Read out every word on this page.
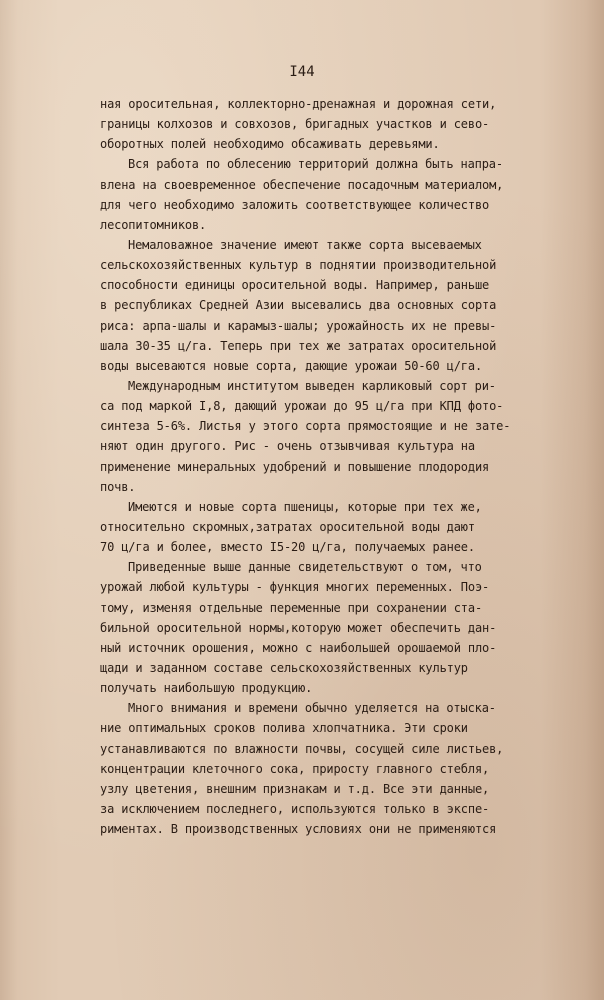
I44
ная оросительная, коллекторно-дренажная и дорожная сети,
границы колхозов и совхозов, бригадных участков и сево-
оборотных полей необходимо обсаживать деревьями.
Вся работа по облесению территорий должна быть напра-
влена на своевременное обеспечение посадочным материалом,
для чего необходимо заложить соответствующее количество
лесопитомников.
Немаловажное значение имеют также сорта высеваемых
сельскохозяйственных культур в поднятии производительной
способности единицы оросительной воды. Например, раньше
в республиках Средней Азии высевались два основных сорта
риса: арпа-шалы и карамыз-шалы; урожайность их не превы-
шала 30-35 ц/га. Теперь при тех же затратах оросительной
воды высеваются новые сорта, дающие урожаи 50-60 ц/га.
Международным институтом выведен карликовый сорт ри-
са под маркой I,8, дающий урожаи до 95 ц/га при КПД фото-
синтеза 5-6%. Листья у этого сорта прямостоящие и не зате-
няют один другого. Рис - очень отзывчивая культура на
применение минеральных удобрений и повышение плодородия
почв.
Имеются и новые сорта пшеницы, которые при тех же,
относительно скромных,затратах оросительной воды дают
70 ц/га и более, вместо I5-20 ц/га, получаемых ранее.
Приведенные выше данные свидетельствуют о том, что
урожай любой культуры - функция многих переменных. Поэ-
тому, изменяя отдельные переменные при сохранении ста-
бильной оросительной нормы,которую может обеспечить дан-
ный источник орошения, можно с наибольшей орошаемой пло-
щади и заданном составе сельскохозяйственных культур
получать наибольшую продукцию.
Много внимания и времени обычно уделяется на отыска-
ние оптимальных сроков полива хлопчатника. Эти сроки
устанавливаются по влажности почвы, сосущей силе листьев,
концентрации клеточного сока, приросту главного стебля,
узлу цветения, внешним признакам и т.д. Все эти данные,
за исключением последнего, используются только в экспе-
риментах. В производственных условиях они не применяются
